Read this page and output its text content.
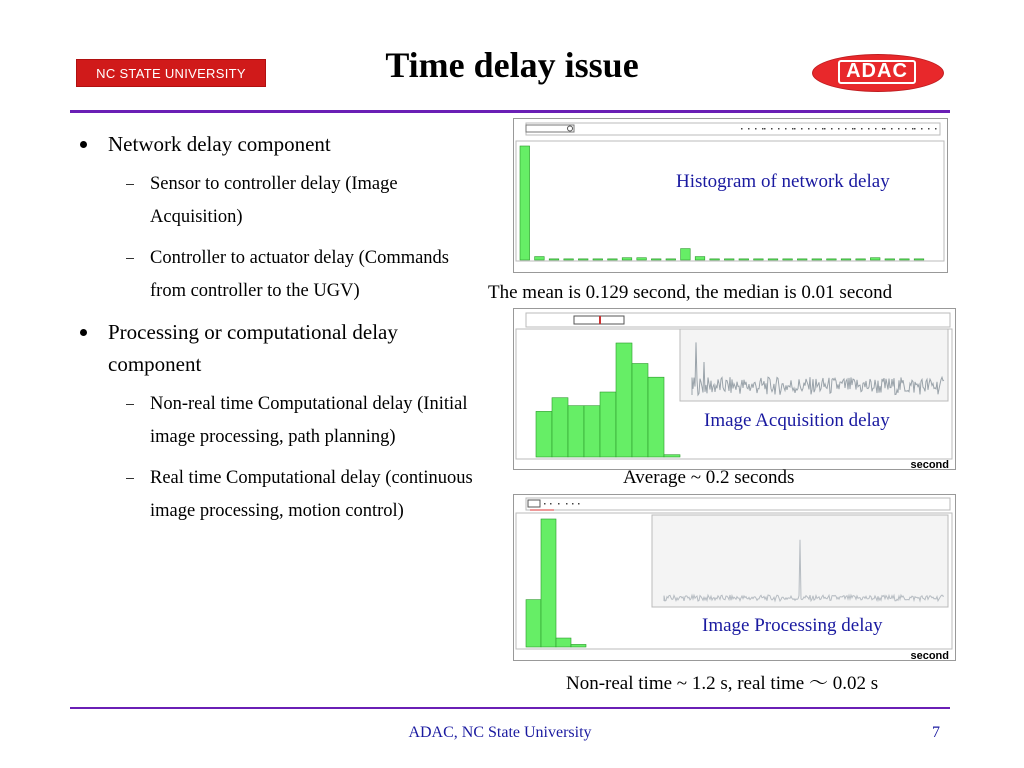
NC STATE UNIVERSITY	Time delay issue	ADAC
Network delay component
Sensor to controller delay (Image Acquisition)
Controller to actuator delay (Commands from controller to the UGV)
Processing or computational delay component
Non-real time Computational delay (Initial image processing, path planning)
Real time Computational delay (continuous image processing, motion control)
Histogram of network delay
The mean is 0.129 second, the median is 0.01 second
second
Image Acquisition delay
Average ~ 0.2 seconds
second
Image Processing delay
Non-real time ~ 1.2 s, real time ～ 0.02 s
ADAC, NC State University	7
